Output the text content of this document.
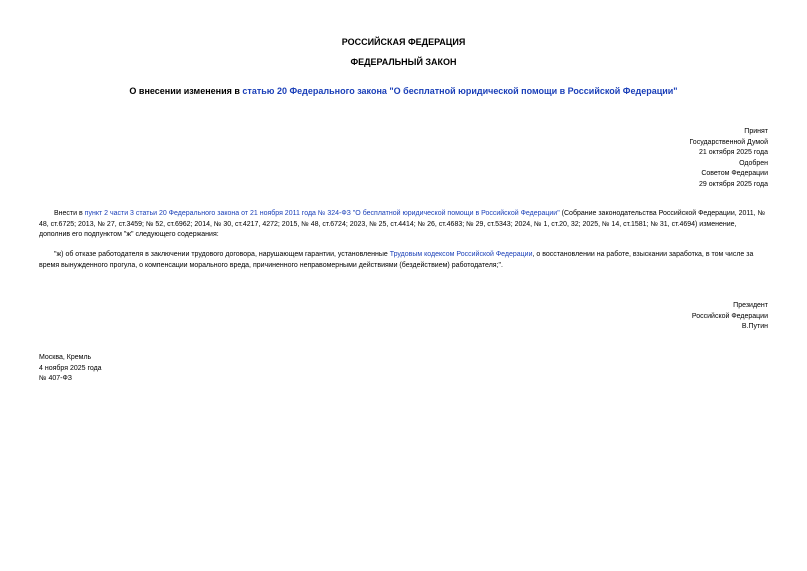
РОССИЙСКАЯ ФЕДЕРАЦИЯ
ФЕДЕРАЛЬНЫЙ ЗАКОН
О внесении изменения в статью 20 Федерального закона "О бесплатной юридической помощи в Российской Федерации"
Принят
Государственной Думой
21 октября 2025 года
Одобрен
Советом Федерации
29 октября 2025 года
Внести в пункт 2 части 3 статьи 20 Федерального закона от 21 ноября 2011 года № 324-ФЗ "О бесплатной юридической помощи в Российской Федерации" (Собрание законодательства Российской Федерации, 2011, № 48, ст.6725; 2013, № 27, ст.3459; № 52, ст.6962; 2014, № 30, ст.4217, 4272; 2015, № 48, ст.6724; 2023, № 25, ст.4414; № 26, ст.4683; № 29, ст.5343; 2024, № 1, ст.20, 32; 2025, № 14, ст.1581; № 31, ст.4694) изменение, дополнив его подпунктом "ж" следующего содержания:
"ж) об отказе работодателя в заключении трудового договора, нарушающем гарантии, установленные Трудовым кодексом Российской Федерации, о восстановлении на работе, взыскании заработка, в том числе за время вынужденного прогула, о компенсации морального вреда, причиненного неправомерными действиями (бездействием) работодателя;".
Президент
Российской Федерации
В.Путин
Москва, Кремль
4 ноября 2025 года
№ 407-ФЗ
